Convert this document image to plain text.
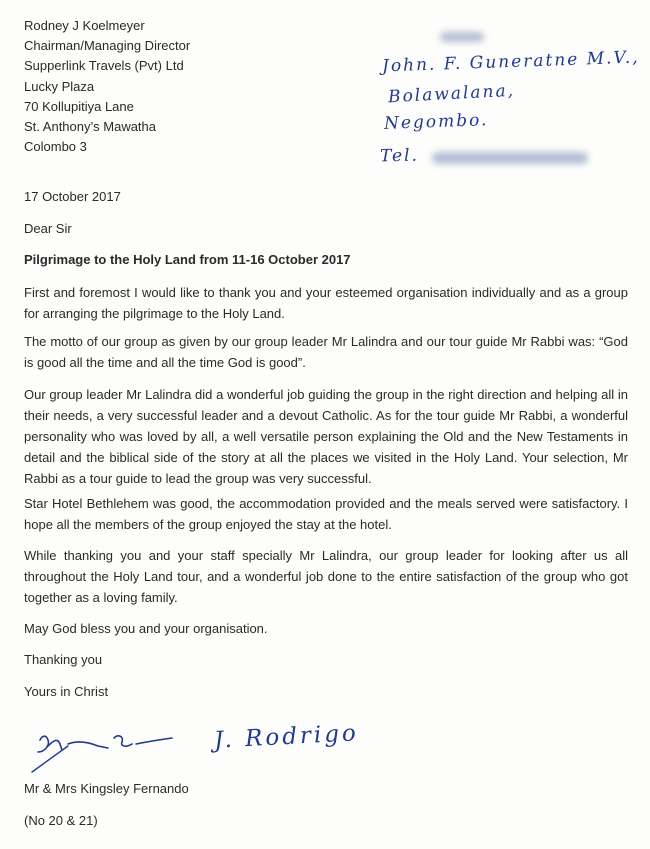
Rodney J Koelmeyer
Chairman/Managing Director
Supperlink Travels (Pvt) Ltd
Lucky Plaza
70 Kollupitiya Lane
St. Anthony’s Mawatha
Colombo 3
John. F. Guneratne M.V.,
Bolawalana,
Negombo.
Tel.
17 October 2017
Dear Sir
Pilgrimage to the Holy Land from 11-16 October 2017
First and foremost I would like to thank you and your esteemed organisation individually and as a group for arranging the pilgrimage to the Holy Land.
The motto of our group as given by our group leader Mr Lalindra and our tour guide Mr Rabbi was: “God is good all the time and all the time God is good”.
Our group leader Mr Lalindra did a wonderful job guiding the group in the right direction and helping all in their needs, a very successful leader and a devout Catholic. As for the tour guide Mr Rabbi, a wonderful personality who was loved by all, a well versatile person explaining the Old and the New Testaments in detail and the biblical side of the story at all the places we visited in the Holy Land. Your selection, Mr Rabbi as a tour guide to lead the group was very successful.
Star Hotel Bethlehem was good, the accommodation provided and the meals served were satisfactory. I hope all the members of the group enjoyed the stay at the hotel.
While thanking you and your staff specially Mr Lalindra, our group leader for looking after us all throughout the Holy Land tour, and a wonderful job done to the entire satisfaction of the group who got together as a loving family.
May God bless you and your organisation.
Thanking you
Yours in Christ
J. Rodrigo
Mr & Mrs Kingsley Fernando
(No 20 & 21)
